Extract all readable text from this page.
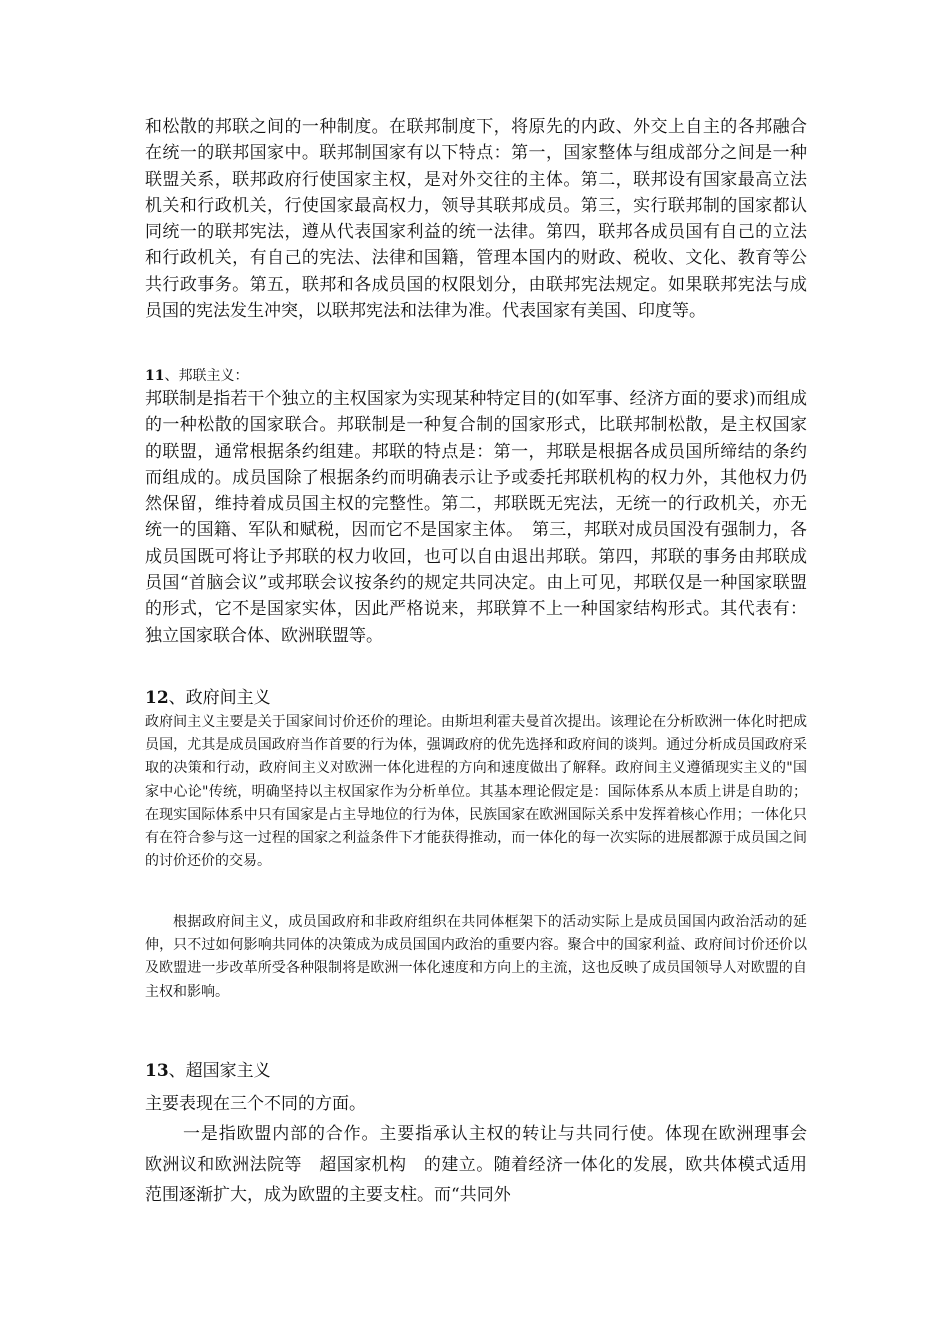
和松散的邦联之间的一种制度。在联邦制度下，将原先的内政、外交上自主的各邦融合在统一的联邦国家中。联邦制国家有以下特点：第一，国家整体与组成部分之间是一种联盟关系，联邦政府行使国家主权，是对外交往的主体。第二，联邦设有国家最高立法机关和行政机关，行使国家最高权力，领导其联邦成员。第三，实行联邦制的国家都认同统一的联邦宪法，遵从代表国家利益的统一法律。第四，联邦各成员国有自己的立法和行政机关，有自己的宪法、法律和国籍，管理本国内的财政、税收、文化、教育等公共行政事务。第五，联邦和各成员国的权限划分，由联邦宪法规定。如果联邦宪法与成员国的宪法发生冲突，以联邦宪法和法律为准。代表国家有美国、印度等。

11、邦联主义：

邦联制是指若干个独立的主权国家为实现某种特定目的(如军事、经济方面的要求)而组成的一种松散的国家联合。邦联制是一种复合制的国家形式，比联邦制松散，是主权国家的联盟，通常根据条约组建。邦联的特点是：第一，邦联是根据各成员国所缔结的条约而组成的。成员国除了根据条约而明确表示让予或委托邦联机构的权力外，其他权力仍然保留，维持着成员国主权的完整性。第二，邦联既无宪法，无统一的行政机关，亦无统一的国籍、军队和赋税，因而它不是国家主体。　第三，邦联对成员国没有强制力，各成员国既可将让予邦联的权力收回，也可以自由退出邦联。第四，邦联的事务由邦联成员国“首脑会议”或邦联会议按条约的规定共同决定。由上可见，邦联仅是一种国家联盟的形式，它不是国家实体，因此严格说来，邦联算不上一种国家结构形式。其代表有：独立国家联合体、欧洲联盟等。

12、政府间主义

政府间主义主要是关于国家间讨价还价的理论。由斯坦利霍夫曼首次提出。该理论在分析欧洲一体化时把成员国，尤其是成员国政府当作首要的行为体，强调政府的优先选择和政府间的谈判。通过分析成员国政府采取的决策和行动，政府间主义对欧洲一体化进程的方向和速度做出了解释。政府间主义遵循现实主义的"国家中心论"传统，明确坚持以主权国家作为分析单位。其基本理论假定是：国际体系从本质上讲是自助的；在现实国际体系中只有国家是占主导地位的行为体，民族国家在欧洲国际关系中发挥着核心作用；一体化只有在符合参与这一过程的国家之利益条件下才能获得推动，而一体化的每一次实际的进展都源于成员国之间的讨价还价的交易。

根据政府间主义，成员国政府和非政府组织在共同体框架下的活动实际上是成员国国内政治活动的延伸，只不过如何影响共同体的决策成为成员国国内政治的重要内容。聚合中的国家利益、政府间讨价还价以及欧盟进一步改革所受各种限制将是欧洲一体化速度和方向上的主流，这也反映了成员国领导人对欧盟的自主权和影响。

13、超国家主义

主要表现在三个不同的方面。

一是指欧盟内部的合作。主要指承认主权的转让与共同行使。体现在欧洲理事会　欧洲议和欧洲法院等　超国家机构　的建立。随着经济一体化的发展，欧共体模式适用范围逐渐扩大，成为欧盟的主要支柱。而“共同外
